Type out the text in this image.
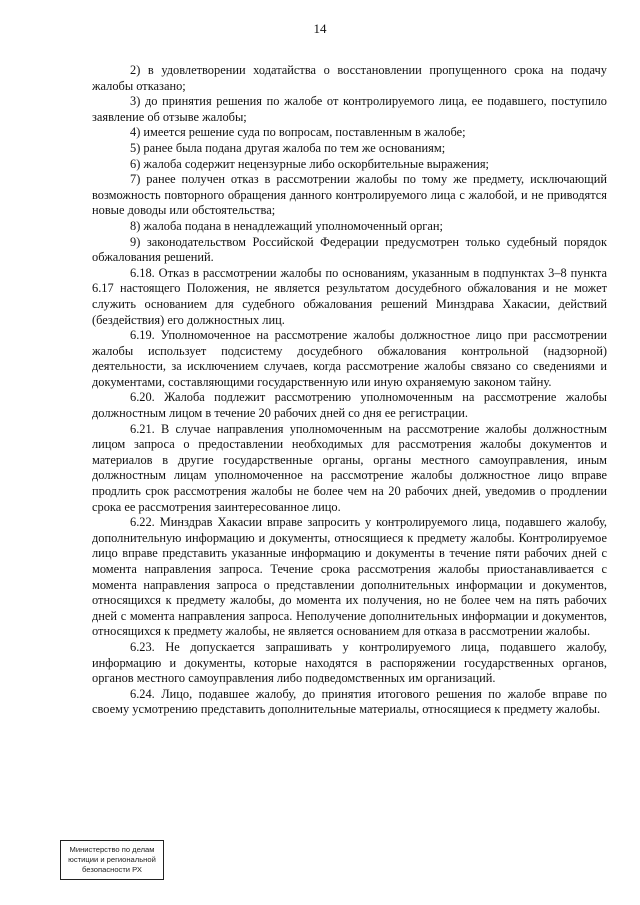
14

2) в удовлетворении ходатайства о восстановлении пропущенного срока на подачу жалобы отказано;

3) до принятия решения по жалобе от контролируемого лица, ее подавшего, поступило заявление об отзыве жалобы;

4) имеется решение суда по вопросам, поставленным в жалобе;

5) ранее была подана другая жалоба по тем же основаниям;

6) жалоба содержит нецензурные либо оскорбительные выражения;

7) ранее получен отказ в рассмотрении жалобы по тому же предмету, исключающий возможность повторного обращения данного контролируемого лица с жалобой, и не приводятся новые доводы или обстоятельства;

8) жалоба подана в ненадлежащий уполномоченный орган;

9) законодательством Российской Федерации предусмотрен только судебный порядок обжалования решений.

6.18. Отказ в рассмотрении жалобы по основаниям, указанным в подпунктах 3–8 пункта 6.17 настоящего Положения, не является результатом досудебного обжалования и не может служить основанием для судебного обжалования решений Минздрава Хакасии, действий (бездействия) его должностных лиц.

6.19. Уполномоченное на рассмотрение жалобы должностное лицо при рассмотрении жалобы использует подсистему досудебного обжалования контрольной (надзорной) деятельности, за исключением случаев, когда рассмотрение жалобы связано со сведениями и документами, составляющими государственную или иную охраняемую законом тайну.

6.20. Жалоба подлежит рассмотрению уполномоченным на рассмотрение жалобы должностным лицом в течение 20 рабочих дней со дня ее регистрации.

6.21. В случае направления уполномоченным на рассмотрение жалобы должностным лицом запроса о предоставлении необходимых для рассмотрения жалобы документов и материалов в другие государственные органы, органы местного самоуправления, иным должностным лицам уполномоченное на рассмотрение жалобы должностное лицо вправе продлить срок рассмотрения жалобы не более чем на 20 рабочих дней, уведомив о продлении срока ее рассмотрения заинтересованное лицо.

6.22. Минздрав Хакасии вправе запросить у контролируемого лица, подавшего жалобу, дополнительную информацию и документы, относящиеся к предмету жалобы. Контролируемое лицо вправе представить указанные информацию и документы в течение пяти рабочих дней с момента направления запроса. Течение срока рассмотрения жалобы приостанавливается с момента направления запроса о представлении дополнительных информации и документов, относящихся к предмету жалобы, до момента их получения, но не более чем на пять рабочих дней с момента направления запроса. Неполучение дополнительных информации и документов, относящихся к предмету жалобы, не является основанием для отказа в рассмотрении жалобы.

6.23. Не допускается запрашивать у контролируемого лица, подавшего жалобу, информацию и документы, которые находятся в распоряжении государственных органов, органов местного самоуправления либо подведомственных им организаций.

6.24. Лицо, подавшее жалобу, до принятия итогового решения по жалобе вправе по своему усмотрению представить дополнительные материалы, относящиеся к предмету жалобы.

Министерство по делам
юстиции и региональной
безопасности РХ
